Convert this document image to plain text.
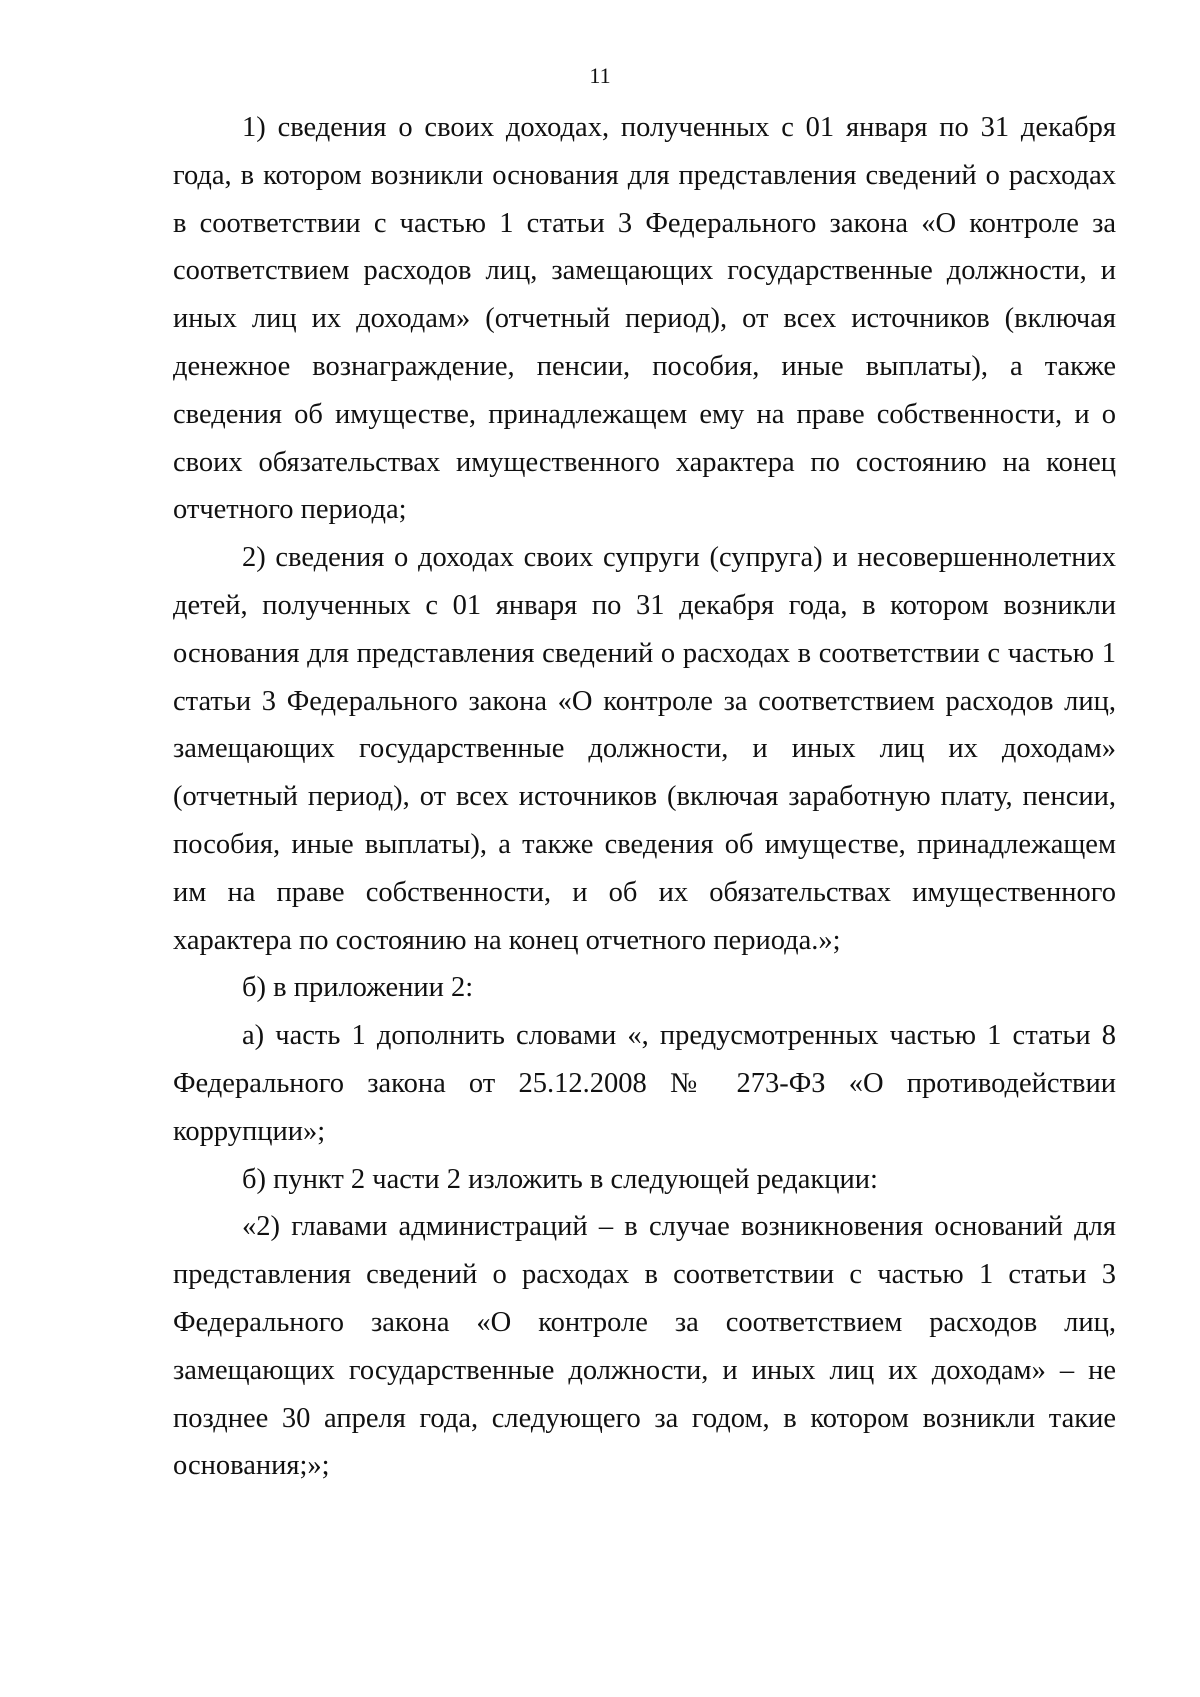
11

1) сведения о своих доходах, полученных с 01 января по 31 декабря года, в котором возникли основания для представления сведений о расходах в соответствии с частью 1 статьи 3 Федерального закона «О контроле за соответствием расходов лиц, замещающих государственные должности, и иных лиц их доходам» (отчетный период), от всех источников (включая денежное вознаграждение, пенсии, пособия, иные выплаты), а также сведения об имуществе, принадлежащем ему на праве собственности, и о своих обязательствах имущественного характера по состоянию на конец отчетного периода;

2) сведения о доходах своих супруги (супруга) и несовершеннолетних детей, полученных с 01 января по 31 декабря года, в котором возникли основания для представления сведений о расходах в соответствии с частью 1 статьи 3 Федерального закона «О контроле за соответствием расходов лиц, замещающих государственные должности, и иных лиц их доходам» (отчетный период), от всех источников (включая заработную плату, пенсии, пособия, иные выплаты), а также сведения об имуществе, принадлежащем им на праве собственности, и об их обязательствах имущественного характера по состоянию на конец отчетного периода.»;

б) в приложении 2:

а) часть 1 дополнить словами «, предусмотренных частью 1 статьи 8 Федерального закона от 25.12.2008 № 273-ФЗ «О противодействии коррупции»;

б) пункт 2 части 2 изложить в следующей редакции:

«2) главами администраций – в случае возникновения оснований для представления сведений о расходах в соответствии с частью 1 статьи 3 Федерального закона «О контроле за соответствием расходов лиц, замещающих государственные должности, и иных лиц их доходам» – не позднее 30 апреля года, следующего за годом, в котором возникли такие основания;»;
